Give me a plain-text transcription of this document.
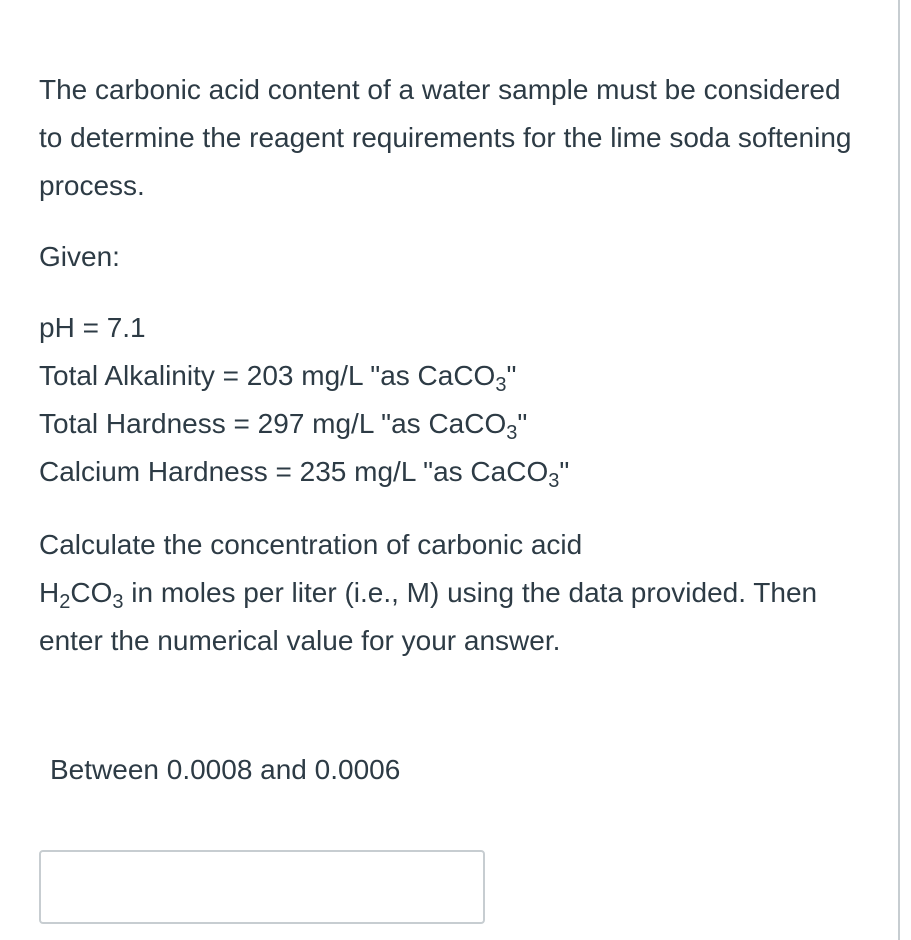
The carbonic acid content of a water sample must be considered to determine the reagent requirements for the lime soda softening process.

Given:

pH = 7.1
Total Alkalinity = 203 mg/L "as CaCO$_3$"
Total Hardness = 297 mg/L "as CaCO$_3$"
Calcium Hardness = 235 mg/L "as CaCO$_3$"

Calculate the concentration of carbonic acid
$H_2CO_3$ in moles per liter (i.e., M) using the data provided. Then enter the numerical value for your answer.

Between 0.0008 and 0.0006
